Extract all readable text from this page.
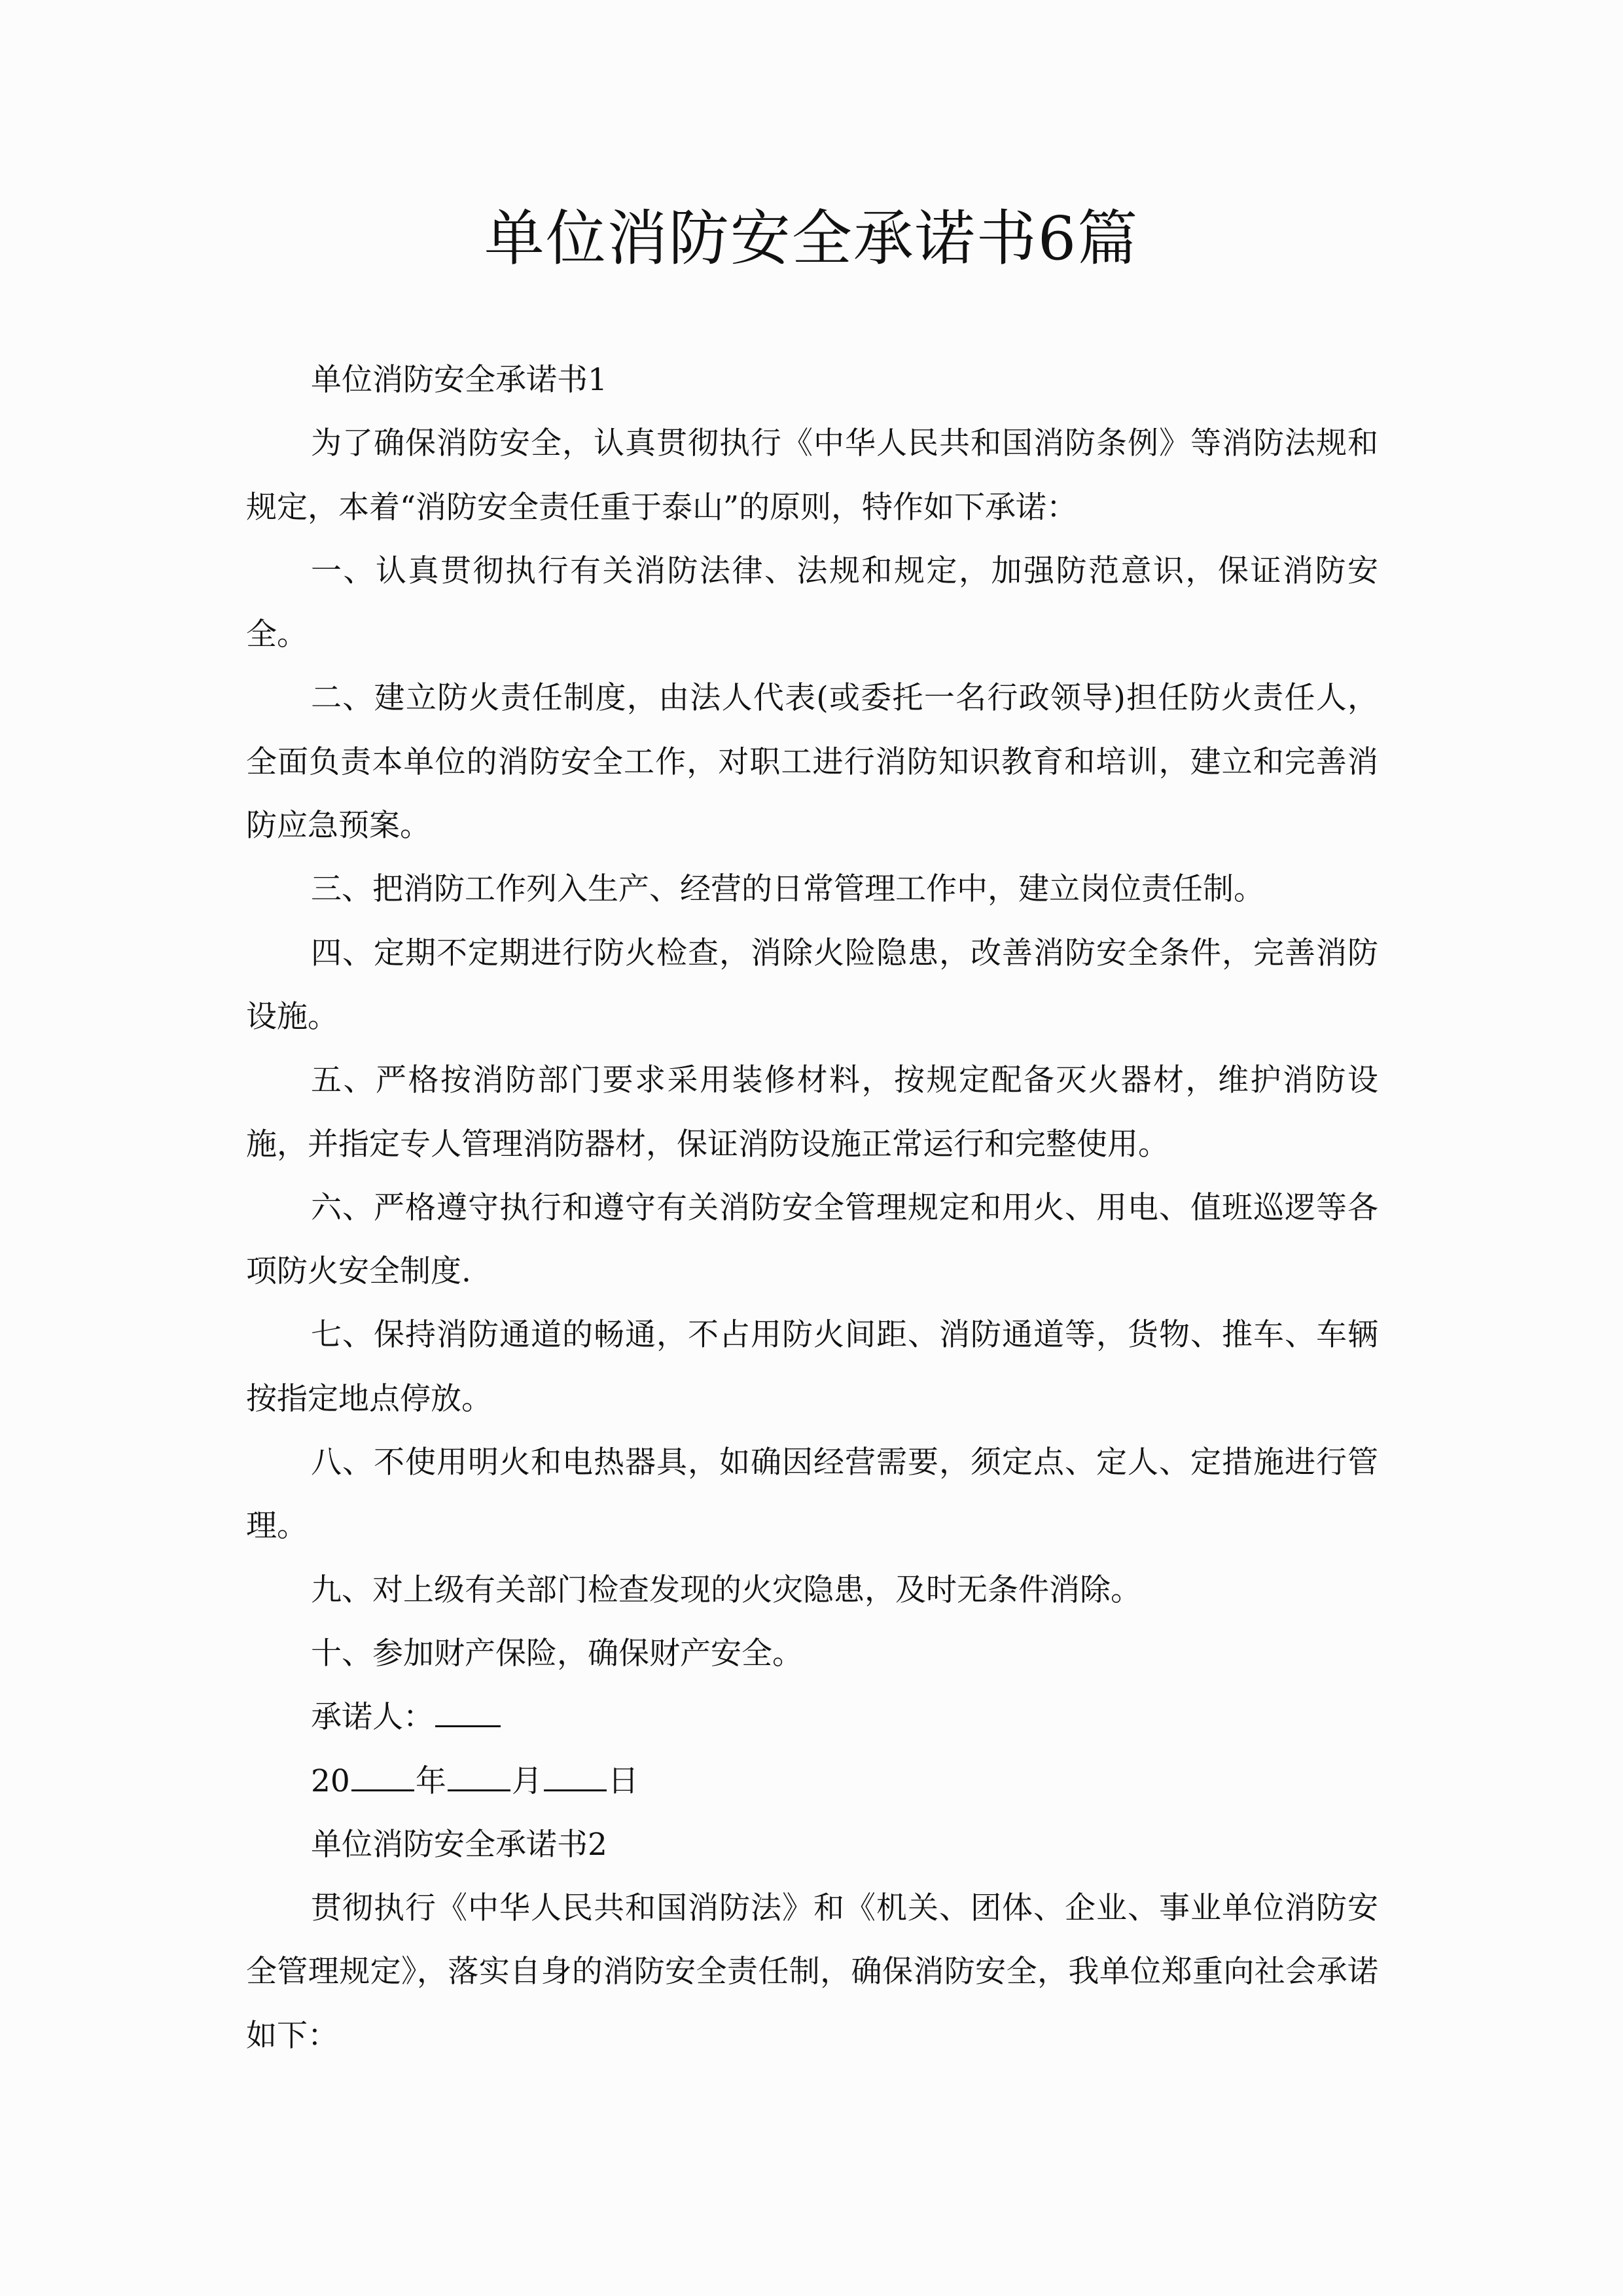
单位消防安全承诺书6篇

单位消防安全承诺书1

为了确保消防安全，认真贯彻执行《中华人民共和国消防条例》等消防法规和规定，本着“消防安全责任重于泰山”的原则，特作如下承诺：

一、认真贯彻执行有关消防法律、法规和规定，加强防范意识，保证消防安全。

二、建立防火责任制度，由法人代表(或委托一名行政领导)担任防火责任人，全面负责本单位的消防安全工作，对职工进行消防知识教育和培训，建立和完善消防应急预案。

三、把消防工作列入生产、经营的日常管理工作中，建立岗位责任制。

四、定期不定期进行防火检查，消除火险隐患，改善消防安全条件，完善消防设施。

五、严格按消防部门要求采用装修材料，按规定配备灭火器材，维护消防设施，并指定专人管理消防器材，保证消防设施正常运行和完整使用。

六、严格遵守执行和遵守有关消防安全管理规定和用火、用电、值班巡逻等各项防火安全制度.

七、保持消防通道的畅通，不占用防火间距、消防通道等，货物、推车、车辆按指定地点停放。

八、不使用明火和电热器具，如确因经营需要，须定点、定人、定措施进行管理。

九、对上级有关部门检查发现的火灾隐患，及时无条件消除。

十、参加财产保险，确保财产安全。

承诺人：

20 年 月 日

单位消防安全承诺书2

贯彻执行《中华人民共和国消防法》和《机关、团体、企业、事业单位消防安全管理规定》，落实自身的消防安全责任制，确保消防安全，我单位郑重向社会承诺如下：
